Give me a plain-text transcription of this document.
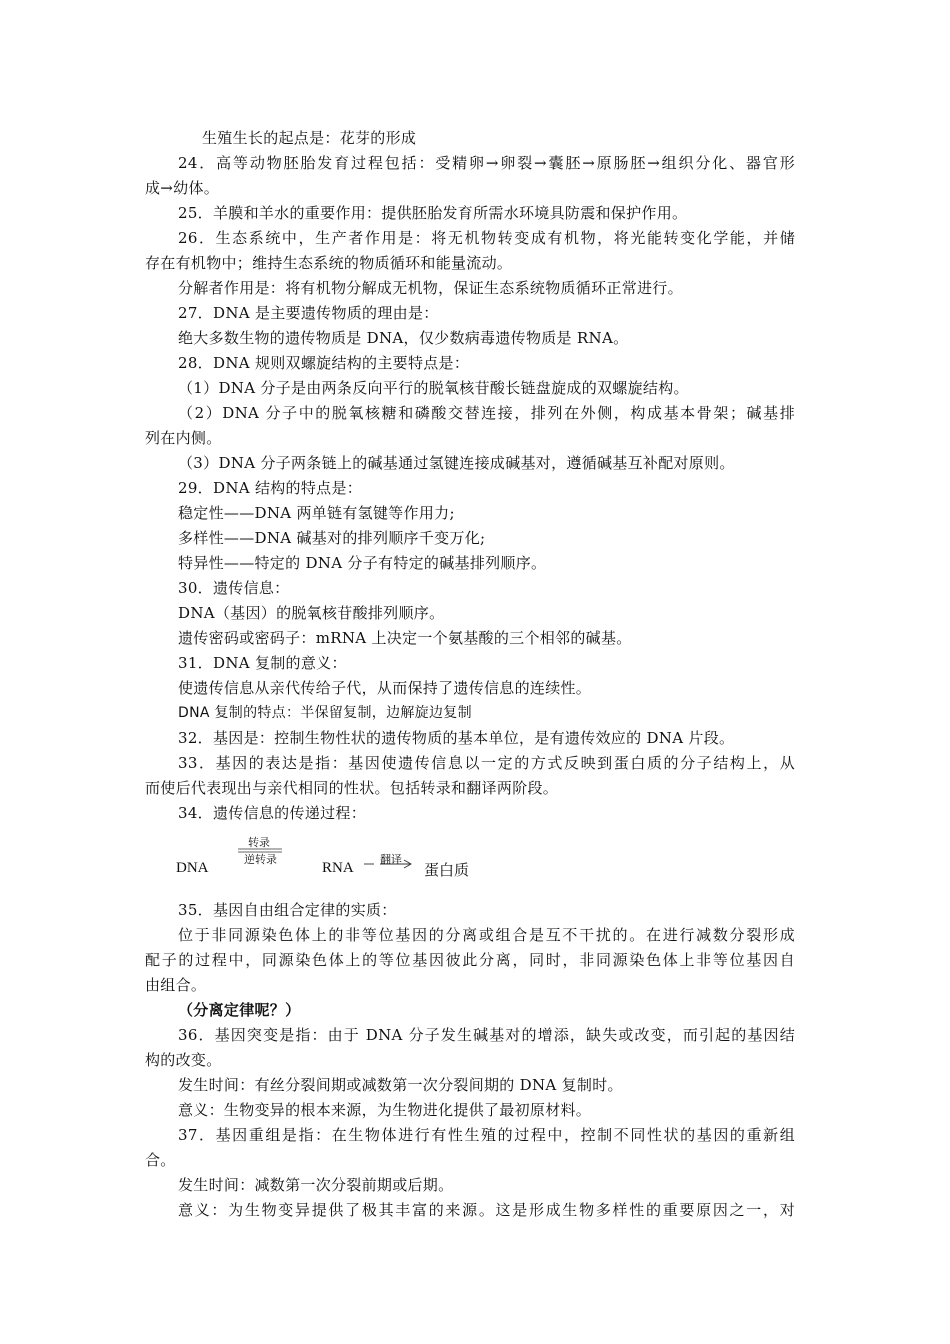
生殖生长的起点是：花芽的形成
24．高等动物胚胎发育过程包括：受精卵→卵裂→囊胚→原肠胚→组织分化、器官形
成→幼体。
25．羊膜和羊水的重要作用：提供胚胎发育所需水环境具防震和保护作用。
26．生态系统中，生产者作用是：将无机物转变成有机物，将光能转变化学能，并储
存在有机物中；维持生态系统的物质循环和能量流动。
分解者作用是：将有机物分解成无机物，保证生态系统物质循环正常进行。
27．DNA 是主要遗传物质的理由是：
绝大多数生物的遗传物质是 DNA，仅少数病毒遗传物质是 RNA。
28．DNA 规则双螺旋结构的主要特点是：
（1）DNA 分子是由两条反向平行的脱氧核苷酸长链盘旋成的双螺旋结构。
（2）DNA 分子中的脱氧核糖和磷酸交替连接，排列在外侧，构成基本骨架；碱基排
列在内侧。
（3）DNA 分子两条链上的碱基通过氢键连接成碱基对，遵循碱基互补配对原则。
29．DNA 结构的特点是：
稳定性——DNA 两单链有氢键等作用力;
多样性——DNA 碱基对的排列顺序千变万化;
特异性——特定的 DNA 分子有特定的碱基排列顺序。
30．遗传信息：
DNA（基因）的脱氧核苷酸排列顺序。
遗传密码或密码子：mRNA 上决定一个氨基酸的三个相邻的碱基。
31．DNA 复制的意义：
使遗传信息从亲代传给子代，从而保持了遗传信息的连续性。
DNA 复制的特点：半保留复制，边解旋边复制
32．基因是：控制生物性状的遗传物质的基本单位，是有遗传效应的 DNA 片段。
33．基因的表达是指：基因使遗传信息以一定的方式反映到蛋白质的分子结构上，从
而使后代表现出与亲代相同的性状。包括转录和翻译两阶段。
34．遗传信息的传递过程：
DNA
转录
逆转录	RNA 翻译
蛋白质
35．基因自由组合定律的实质：
位于非同源染色体上的非等位基因的分离或组合是互不干扰的。在进行减数分裂形成
配子的过程中，同源染色体上的等位基因彼此分离，同时，非同源染色体上非等位基因自
由组合。
（分离定律呢？）
36．基因突变是指：由于 DNA 分子发生碱基对的增添，缺失或改变，而引起的基因结
构的改变。
发生时间：有丝分裂间期或减数第一次分裂间期的 DNA 复制时。
意义：生物变异的根本来源，为生物进化提供了最初原材料。
37．基因重组是指：在生物体进行有性生殖的过程中，控制不同性状的基因的重新组
合。
发生时间：减数第一次分裂前期或后期。
意义：为生物变异提供了极其丰富的来源。这是形成生物多样性的重要原因之一，对
